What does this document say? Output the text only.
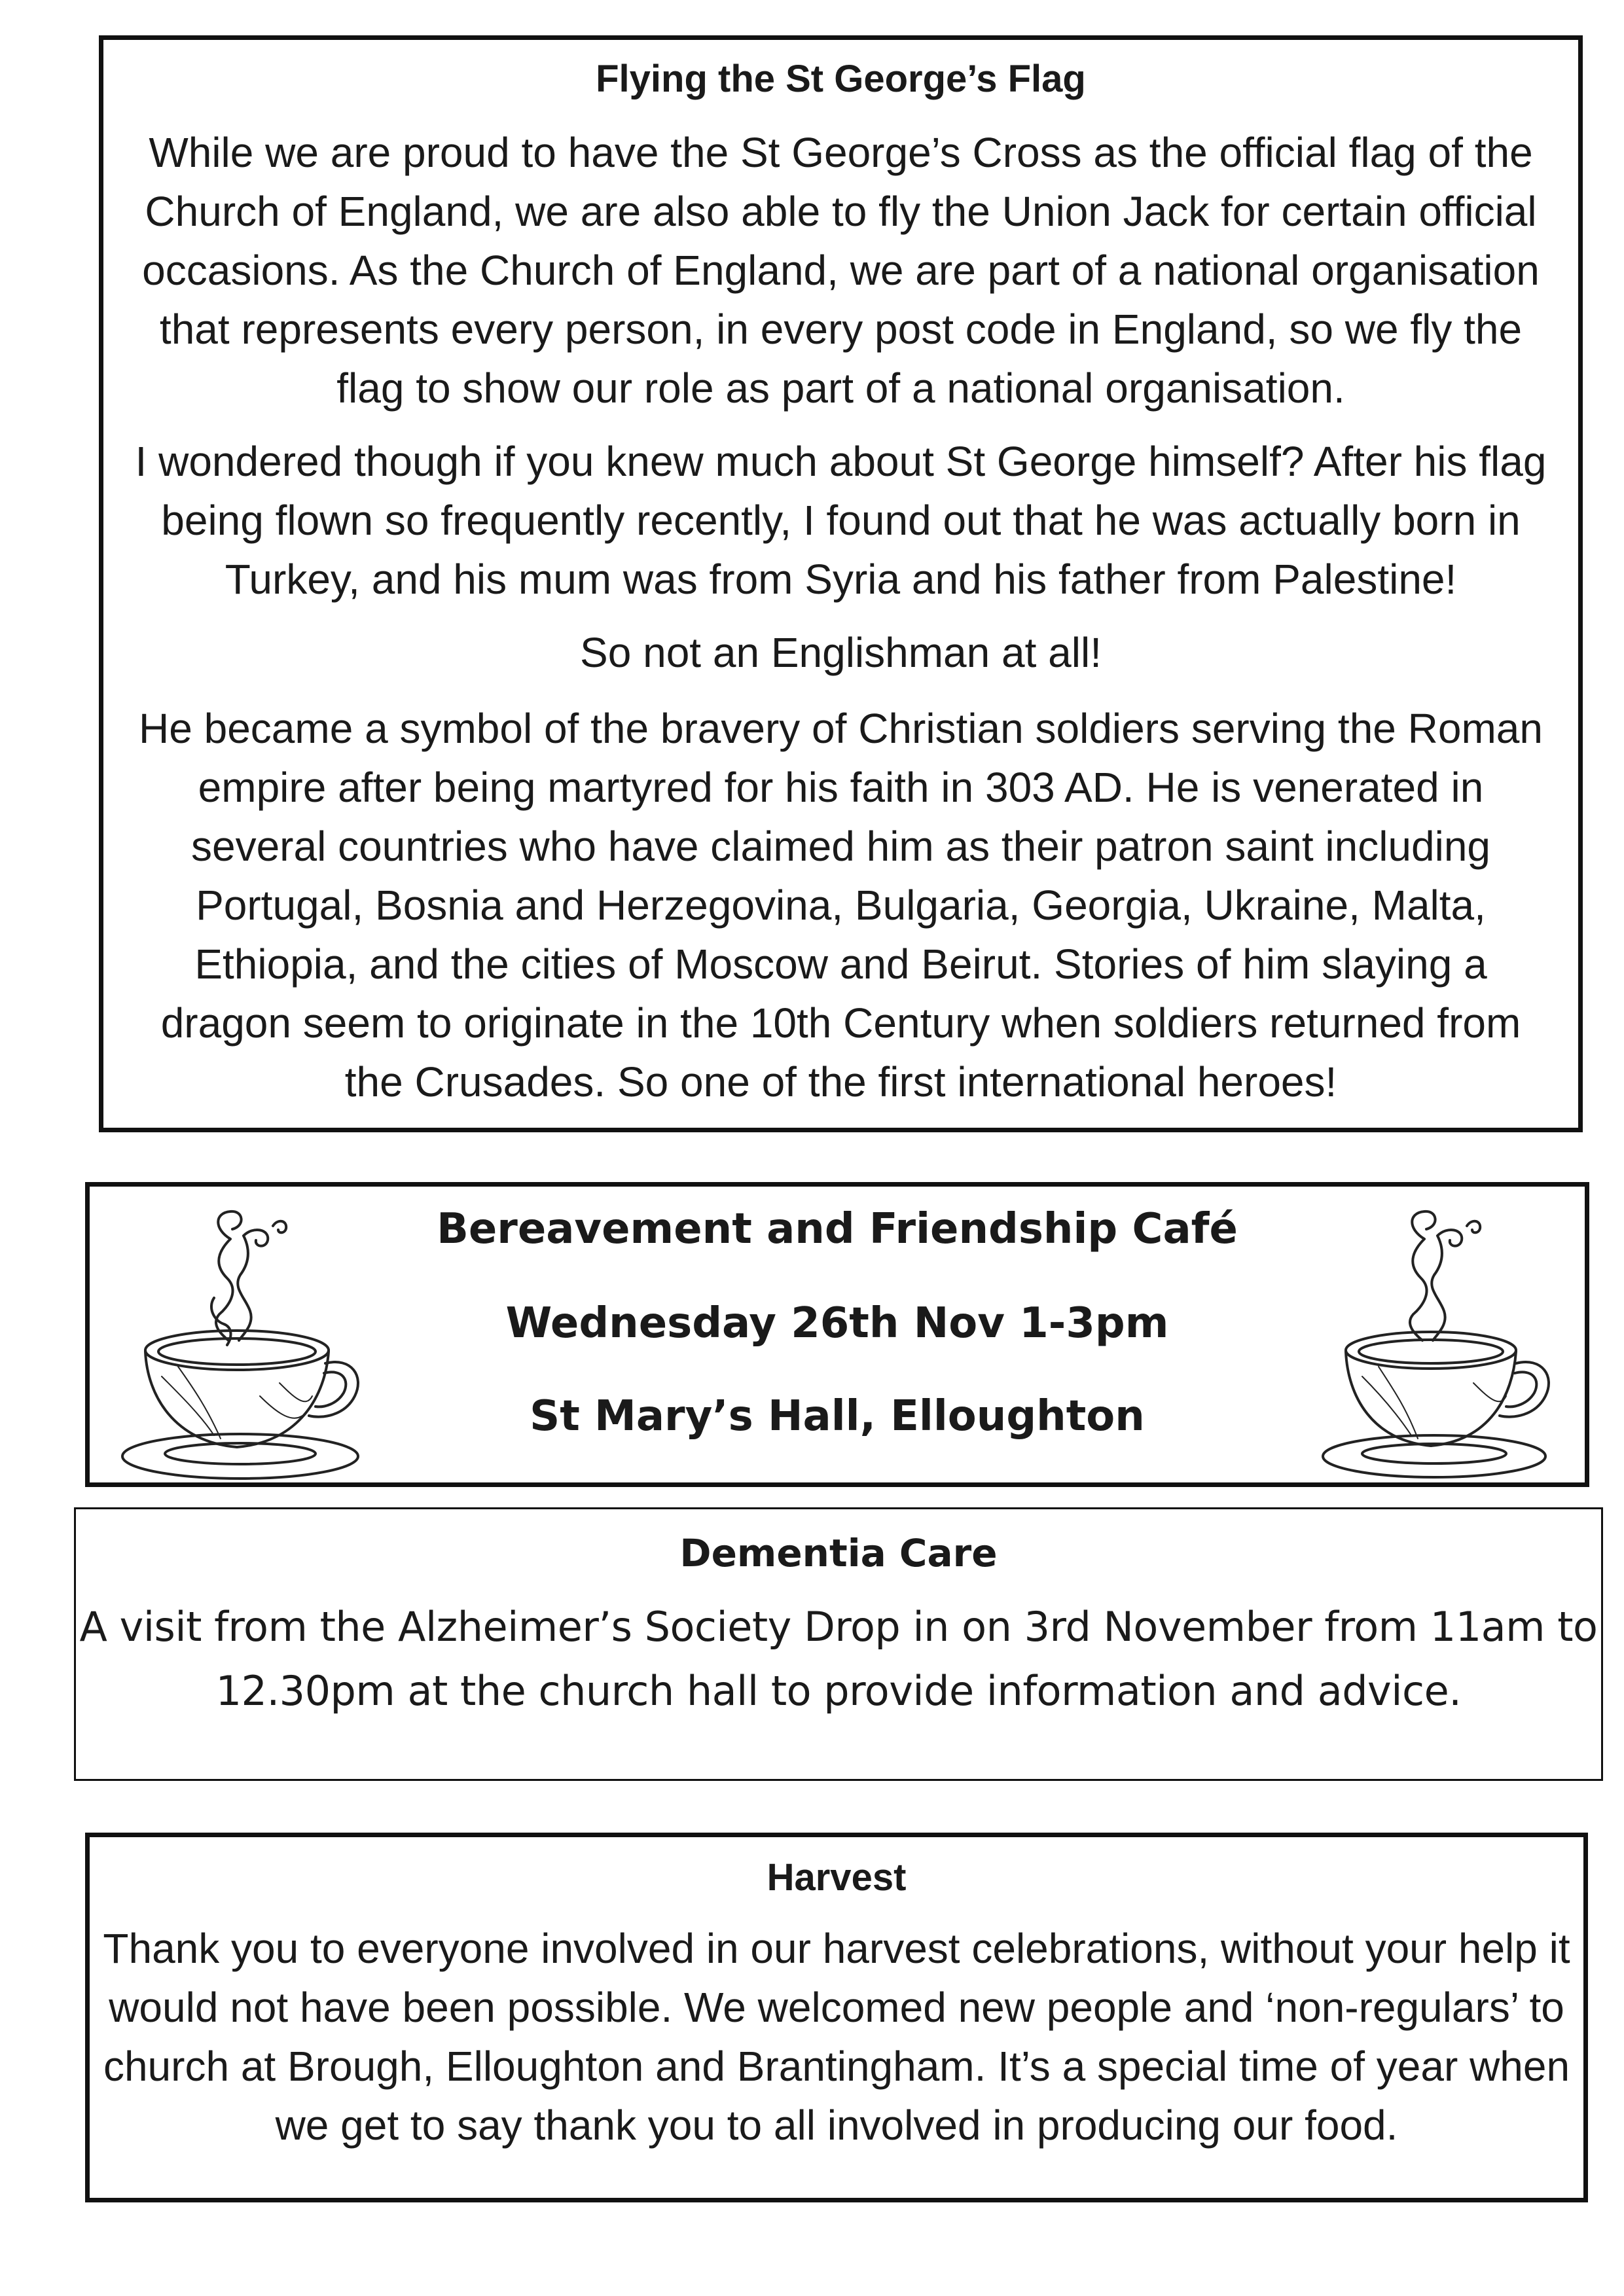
Flying the St George’s Flag

While we are proud to have the St George’s Cross as the official flag of the Church of England, we are also able to fly the Union Jack for certain official occasions. As the Church of England, we are part of a national organisation that represents every person, in every post code in England, so we fly the flag to show our role as part of a national organisation.

I wondered though if you knew much about St George himself? After his flag being flown so frequently recently, I found out that he was actually born in Turkey, and his mum was from Syria and his father from Palestine!

So not an Englishman at all!

He became a symbol of the bravery of Christian soldiers serving the Roman empire after being martyred for his faith in 303 AD. He is venerated in several countries who have claimed him as their patron saint including Portugal, Bosnia and Herzegovina, Bulgaria, Georgia, Ukraine, Malta, Ethiopia, and the cities of Moscow and Beirut. Stories of him slaying a dragon seem to originate in the 10th Century when soldiers returned from the Crusades. So one of the first international heroes!

Bereavement and Friendship Café

Wednesday 26th Nov 1-3pm

St Mary’s Hall, Elloughton

Dementia Care

A visit from the Alzheimer’s Society Drop in on 3rd November from 11am to 12.30pm at the church hall to provide information and advice.

Harvest

Thank you to everyone involved in our harvest celebrations, without your help it would not have been possible. We welcomed new people and ‘non-regulars’ to church at Brough, Elloughton and Brantingham. It’s a special time of year when we get to say thank you to all involved in producing our food.
